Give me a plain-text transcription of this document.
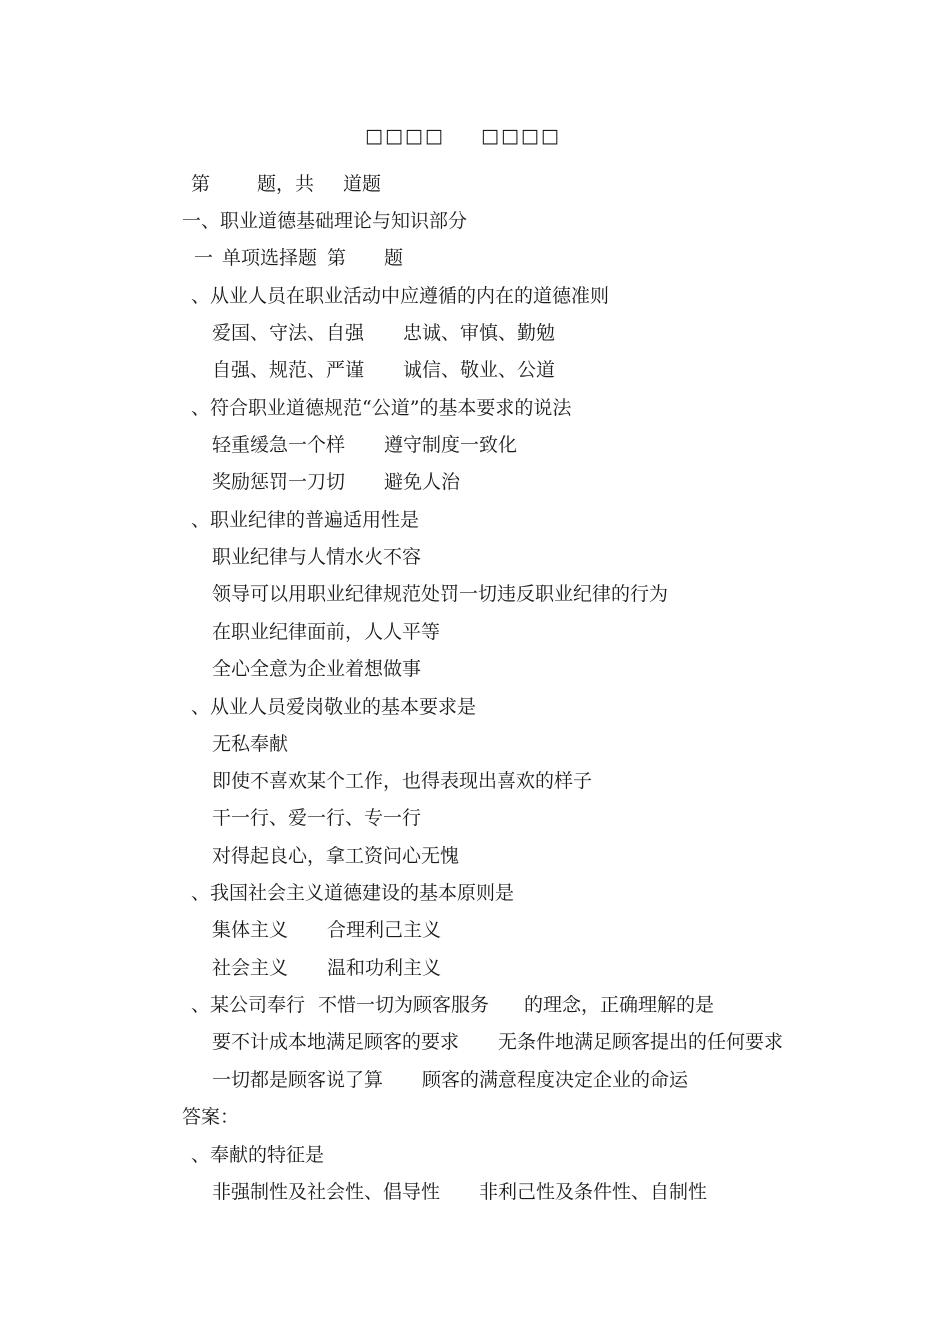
□□□□ □□□□
第 题，共 道题
一、职业道德基础理论与知识部分
一 单项选择题 第 题
、从业人员在职业活动中应遵循的内在的道德准则
爱国、守法、自强 忠诚、审慎、勤勉
自强、规范、严谨 诚信、敬业、公道
、符合职业道德规范“公道”的基本要求的说法
轻重缓急一个样 遵守制度一致化
奖励惩罚一刀切 避免人治
、职业纪律的普遍适用性是
职业纪律与人情水火不容
领导可以用职业纪律规范处罚一切违反职业纪律的行为
在职业纪律面前，人人平等
全心全意为企业着想做事
、从业人员爱岗敬业的基本要求是
无私奉献
即使不喜欢某个工作，也得表现出喜欢的样子
干一行、爱一行、专一行
对得起良心，拿工资问心无愧
、我国社会主义道德建设的基本原则是
集体主义 合理利己主义
社会主义 温和功利主义
、某公司奉行 不惜一切为顾客服务 的理念，正确理解的是
要不计成本地满足顾客的要求 无条件地满足顾客提出的任何要求
一切都是顾客说了算 顾客的满意程度决定企业的命运
答案：
、奉献的特征是
非强制性及社会性、倡导性 非利己性及条件性、自制性
